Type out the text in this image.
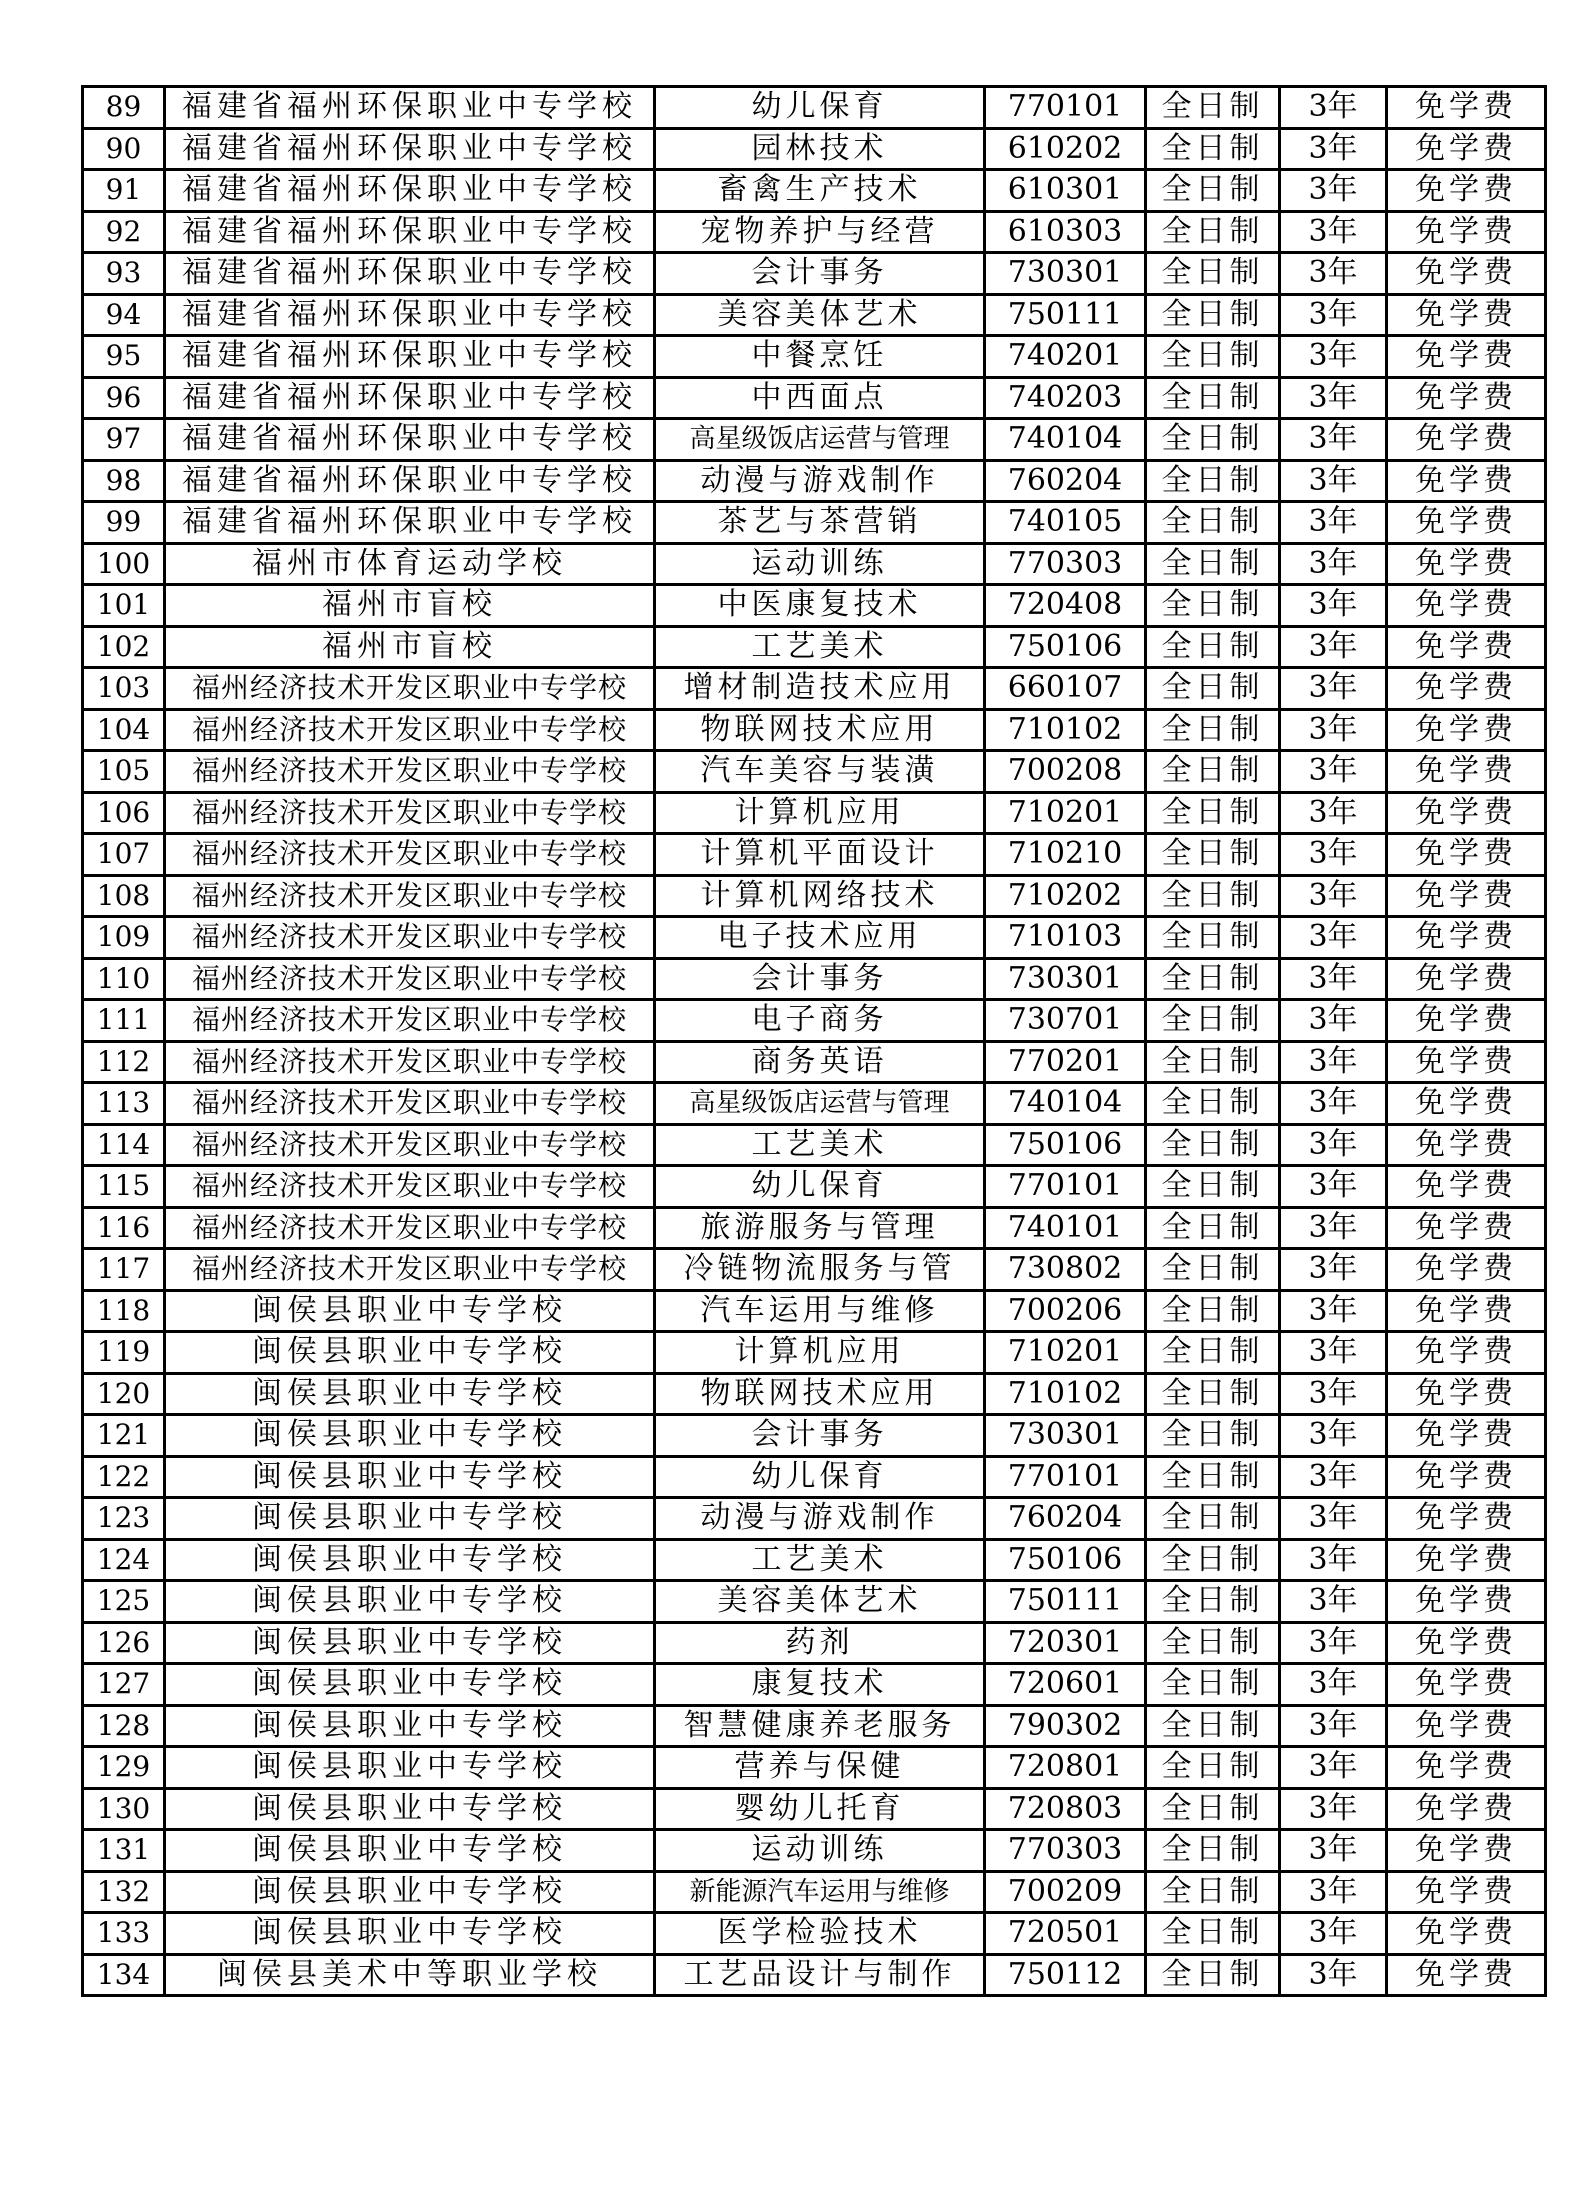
89	福建省福州环保职业中专学校	幼儿保育	770101	全日制	3年	免学费
90	福建省福州环保职业中专学校	园林技术	610202	全日制	3年	免学费
91	福建省福州环保职业中专学校	畜禽生产技术	610301	全日制	3年	免学费
92	福建省福州环保职业中专学校	宠物养护与经营	610303	全日制	3年	免学费
93	福建省福州环保职业中专学校	会计事务	730301	全日制	3年	免学费
94	福建省福州环保职业中专学校	美容美体艺术	750111	全日制	3年	免学费
95	福建省福州环保职业中专学校	中餐烹饪	740201	全日制	3年	免学费
96	福建省福州环保职业中专学校	中西面点	740203	全日制	3年	免学费
97	福建省福州环保职业中专学校	高星级饭店运营与管理	740104	全日制	3年	免学费
98	福建省福州环保职业中专学校	动漫与游戏制作	760204	全日制	3年	免学费
99	福建省福州环保职业中专学校	茶艺与茶营销	740105	全日制	3年	免学费
100	福州市体育运动学校	运动训练	770303	全日制	3年	免学费
101	福州市盲校	中医康复技术	720408	全日制	3年	免学费
102	福州市盲校	工艺美术	750106	全日制	3年	免学费
103	福州经济技术开发区职业中专学校	增材制造技术应用	660107	全日制	3年	免学费
104	福州经济技术开发区职业中专学校	物联网技术应用	710102	全日制	3年	免学费
105	福州经济技术开发区职业中专学校	汽车美容与装潢	700208	全日制	3年	免学费
106	福州经济技术开发区职业中专学校	计算机应用	710201	全日制	3年	免学费
107	福州经济技术开发区职业中专学校	计算机平面设计	710210	全日制	3年	免学费
108	福州经济技术开发区职业中专学校	计算机网络技术	710202	全日制	3年	免学费
109	福州经济技术开发区职业中专学校	电子技术应用	710103	全日制	3年	免学费
110	福州经济技术开发区职业中专学校	会计事务	730301	全日制	3年	免学费
111	福州经济技术开发区职业中专学校	电子商务	730701	全日制	3年	免学费
112	福州经济技术开发区职业中专学校	商务英语	770201	全日制	3年	免学费
113	福州经济技术开发区职业中专学校	高星级饭店运营与管理	740104	全日制	3年	免学费
114	福州经济技术开发区职业中专学校	工艺美术	750106	全日制	3年	免学费
115	福州经济技术开发区职业中专学校	幼儿保育	770101	全日制	3年	免学费
116	福州经济技术开发区职业中专学校	旅游服务与管理	740101	全日制	3年	免学费
117	福州经济技术开发区职业中专学校	冷链物流服务与管	730802	全日制	3年	免学费
118	闽侯县职业中专学校	汽车运用与维修	700206	全日制	3年	免学费
119	闽侯县职业中专学校	计算机应用	710201	全日制	3年	免学费
120	闽侯县职业中专学校	物联网技术应用	710102	全日制	3年	免学费
121	闽侯县职业中专学校	会计事务	730301	全日制	3年	免学费
122	闽侯县职业中专学校	幼儿保育	770101	全日制	3年	免学费
123	闽侯县职业中专学校	动漫与游戏制作	760204	全日制	3年	免学费
124	闽侯县职业中专学校	工艺美术	750106	全日制	3年	免学费
125	闽侯县职业中专学校	美容美体艺术	750111	全日制	3年	免学费
126	闽侯县职业中专学校	药剂	720301	全日制	3年	免学费
127	闽侯县职业中专学校	康复技术	720601	全日制	3年	免学费
128	闽侯县职业中专学校	智慧健康养老服务	790302	全日制	3年	免学费
129	闽侯县职业中专学校	营养与保健	720801	全日制	3年	免学费
130	闽侯县职业中专学校	婴幼儿托育	720803	全日制	3年	免学费
131	闽侯县职业中专学校	运动训练	770303	全日制	3年	免学费
132	闽侯县职业中专学校	新能源汽车运用与维修	700209	全日制	3年	免学费
133	闽侯县职业中专学校	医学检验技术	720501	全日制	3年	免学费
134	闽侯县美术中等职业学校	工艺品设计与制作	750112	全日制	3年	免学费
